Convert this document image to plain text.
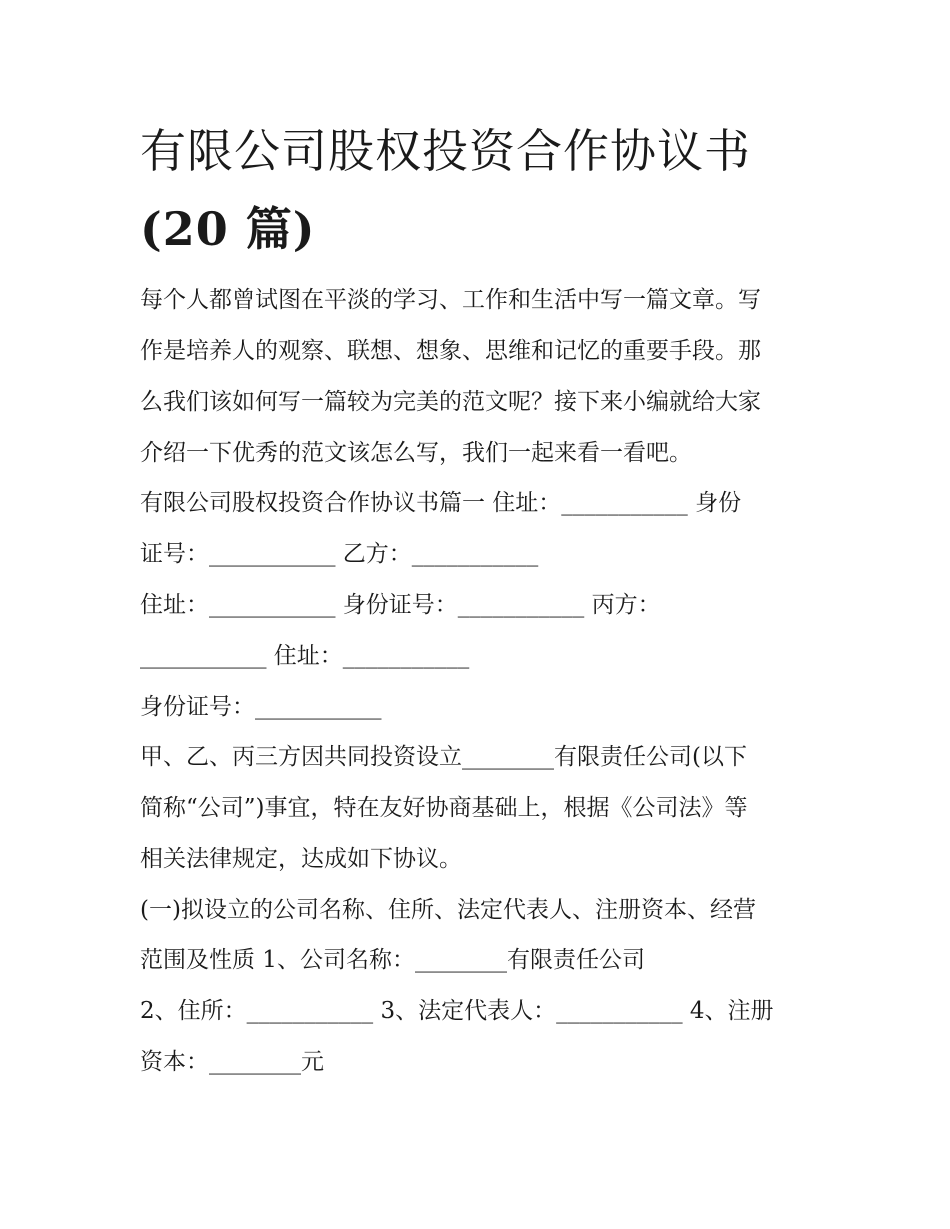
有限公司股权投资合作协议书
(20 篇)

每个人都曾试图在平淡的学习、工作和生活中写一篇文章。写

作是培养人的观察、联想、想象、思维和记忆的重要手段。那

么我们该如何写一篇较为完美的范文呢？接下来小编就给大家

介绍一下优秀的范文该怎么写，我们一起来看一看吧。

有限公司股权投资合作协议书篇一 住址：___________ 身份

证号：___________ 乙方：___________

住址：___________ 身份证号：___________ 丙方：

___________ 住址：___________

身份证号：___________

甲、乙、丙三方因共同投资设立________有限责任公司(以下

简称“公司”)事宜，特在友好协商基础上，根据《公司法》等

相关法律规定，达成如下协议。

(一)拟设立的公司名称、住所、法定代表人、注册资本、经营

范围及性质 1、公司名称：________有限责任公司

2、住所：___________ 3、法定代表人：___________ 4、注册

资本：________元
